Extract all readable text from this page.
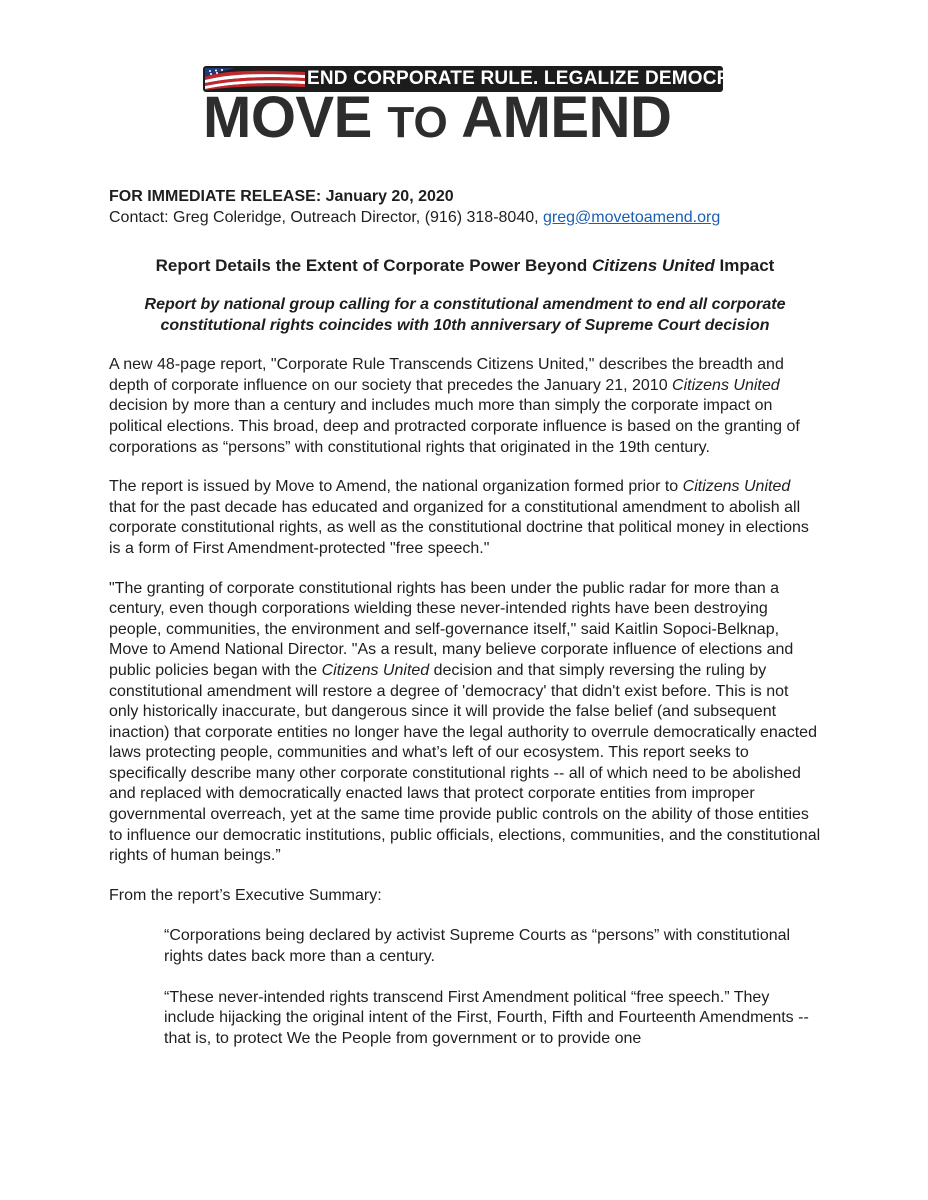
END CORPORATE RULE. LEGALIZE DEMOCRACY.
MOVE TO AMEND

FOR IMMEDIATE RELEASE: January 20, 2020

Contact: Greg Coleridge, Outreach Director, (916) 318-8040, greg@movetoamend.org

Report Details the Extent of Corporate Power Beyond Citizens United Impact

Report by national group calling for a constitutional amendment to end all corporate constitutional rights coincides with 10th anniversary of Supreme Court decision

A new 48-page report, "Corporate Rule Transcends Citizens United," describes the breadth and depth of corporate influence on our society that precedes the January 21, 2010 Citizens United decision by more than a century and includes much more than simply the corporate impact on political elections. This broad, deep and protracted corporate influence is based on the granting of corporations as “persons” with constitutional rights that originated in the 19th century.

The report is issued by Move to Amend, the national organization formed prior to Citizens United that for the past decade has educated and organized for a constitutional amendment to abolish all corporate constitutional rights, as well as the constitutional doctrine that political money in elections is a form of First Amendment-protected "free speech."

"The granting of corporate constitutional rights has been under the public radar for more than a century, even though corporations wielding these never-intended rights have been destroying people, communities, the environment and self-governance itself," said Kaitlin Sopoci-Belknap, Move to Amend National Director. "As a result, many believe corporate influence of elections and public policies began with the Citizens United decision and that simply reversing the ruling by constitutional amendment will restore a degree of 'democracy' that didn't exist before. This is not only historically inaccurate, but dangerous since it will provide the false belief (and subsequent inaction) that corporate entities no longer have the legal authority to overrule democratically enacted laws protecting people, communities and what’s left of our ecosystem. This report seeks to specifically describe many other corporate constitutional rights -- all of which need to be abolished and replaced with democratically enacted laws that protect corporate entities from improper governmental overreach, yet at the same time provide public controls on the ability of those entities to influence our democratic institutions, public officials, elections, communities, and the constitutional rights of human beings.”

From the report’s Executive Summary:

“Corporations being declared by activist Supreme Courts as “persons” with constitutional rights dates back more than a century.

“These never-intended rights transcend First Amendment political “free speech.” They include hijacking the original intent of the First, Fourth, Fifth and Fourteenth Amendments -- that is, to protect We the People from government or to provide one
